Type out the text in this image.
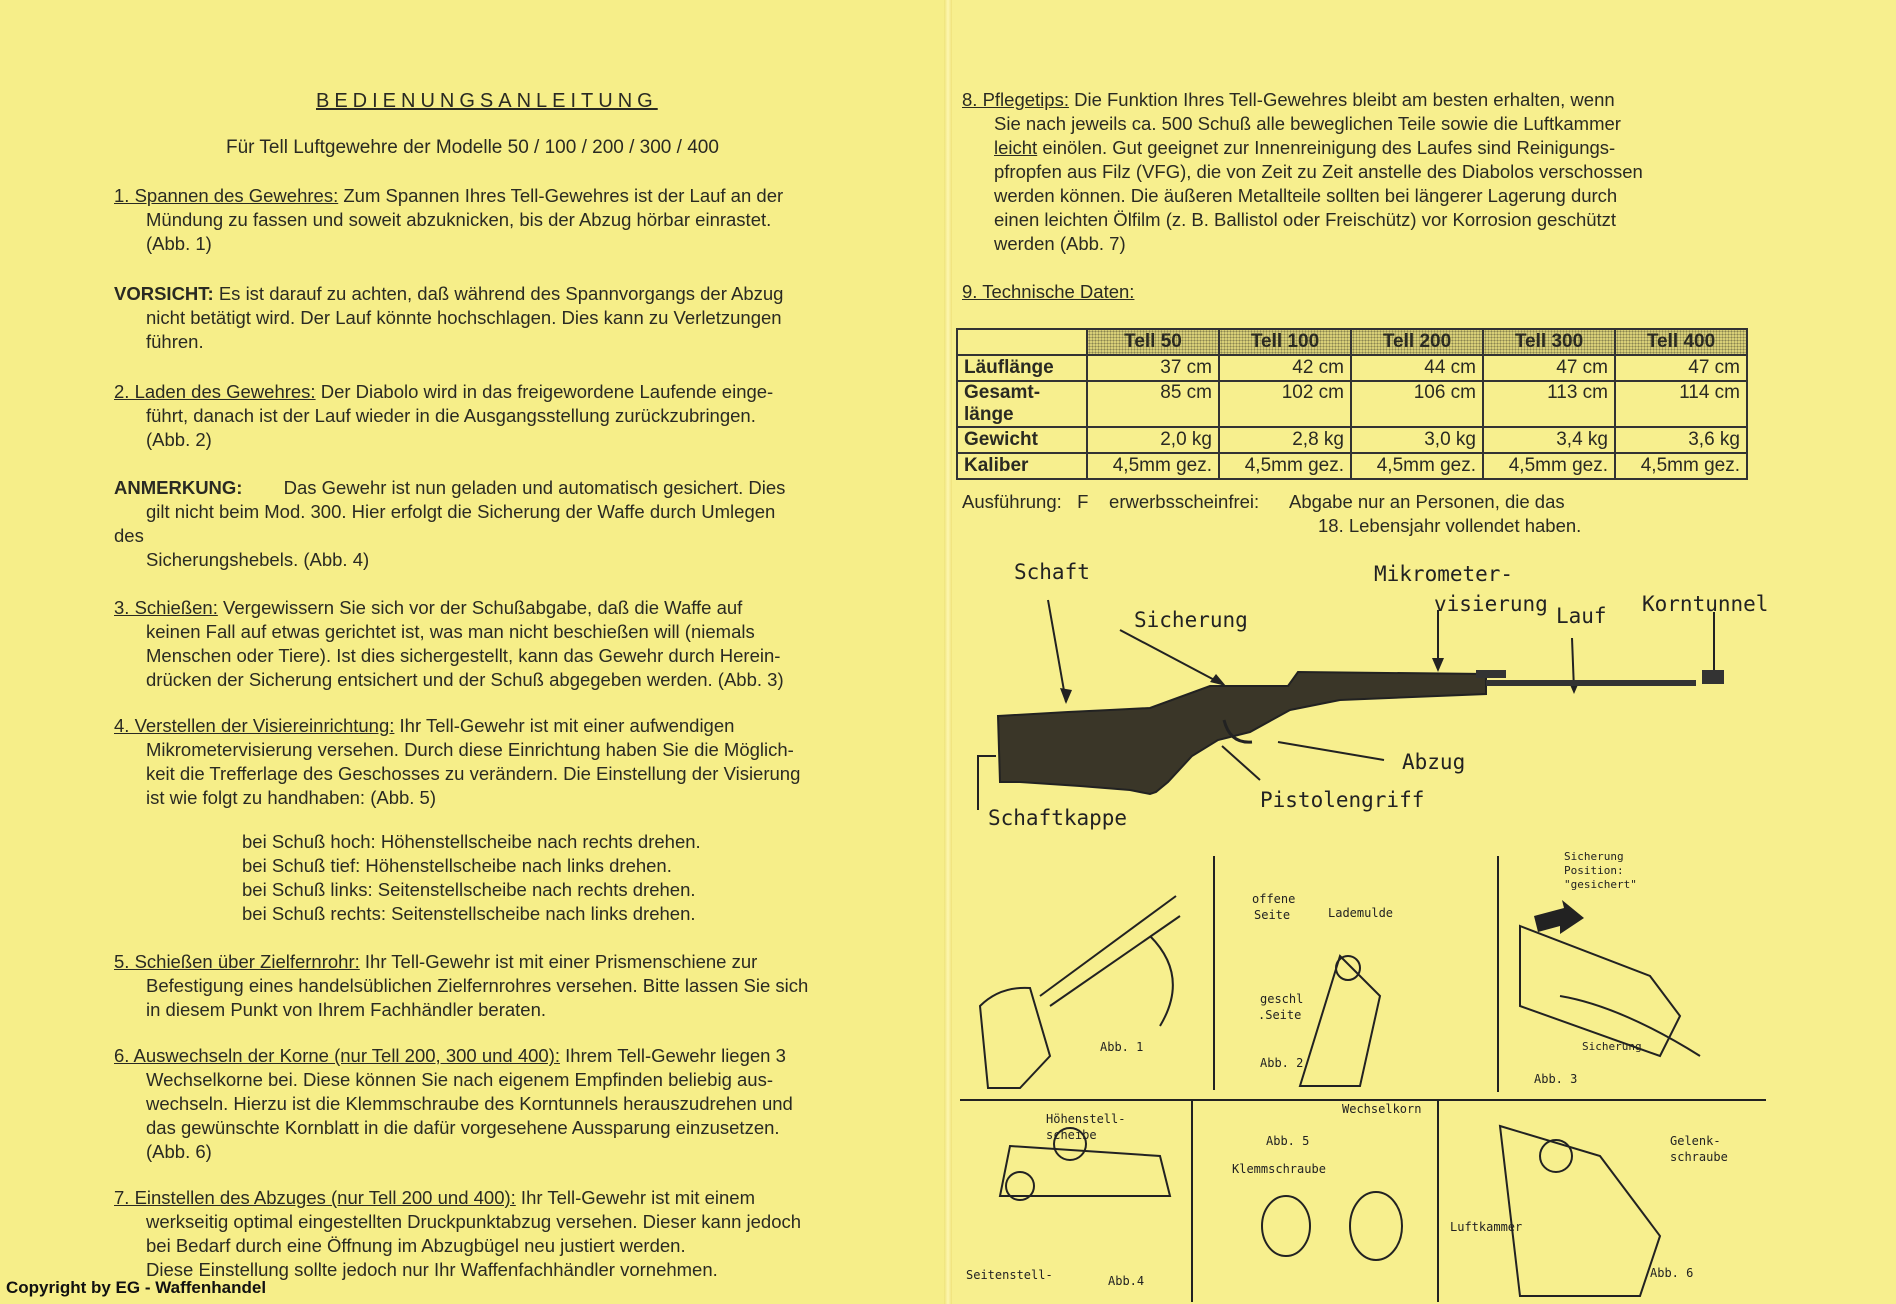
BEDIENUNGSANLEITUNG
Für Tell Luftgewehre der Modelle 50 / 100 / 200 / 300 / 400

1. Spannen des Gewehres: Zum Spannen Ihres Tell-Gewehres ist der Lauf an der

Mündung zu fassen und soweit abzuknicken, bis der Abzug hörbar einrastet.

(Abb. 1)

VORSICHT: Es ist darauf zu achten, daß während des Spannvorgangs der Abzug

nicht betätigt wird. Der Lauf könnte hochschlagen. Dies kann zu Verletzungen

führen.

2. Laden des Gewehres: Der Diabolo wird in das freigewordene Laufende einge-

führt, danach ist der Lauf wieder in die Ausgangsstellung zurückzubringen.

(Abb. 2)

ANMERKUNG:        Das Gewehr ist nun geladen und automatisch gesichert. Dies

gilt nicht beim Mod. 300. Hier erfolgt die Sicherung der Waffe durch Umlegen

des

Sicherungshebels. (Abb. 4)

3. Schießen: Vergewissern Sie sich vor der Schußabgabe, daß die Waffe auf

keinen Fall auf etwas gerichtet ist, was man nicht beschießen will (niemals

Menschen oder Tiere). Ist dies sichergestellt, kann das Gewehr durch Herein-

drücken der Sicherung entsichert und der Schuß abgegeben werden. (Abb. 3)

4. Verstellen der Visiereinrichtung: Ihr Tell-Gewehr ist mit einer aufwendigen

Mikrometervisierung versehen. Durch diese Einrichtung haben Sie die Möglich-

keit die Trefferlage des Geschosses zu verändern. Die Einstellung der Visierung

ist wie folgt zu handhaben: (Abb. 5)

bei Schuß hoch: Höhenstellscheibe nach rechts drehen.

bei Schuß tief: Höhenstellscheibe nach links drehen.

bei Schuß links: Seitenstellscheibe nach rechts drehen.

bei Schuß rechts: Seitenstellscheibe nach links drehen.

5. Schießen über Zielfernrohr: Ihr Tell-Gewehr ist mit einer Prismenschiene zur

Befestigung eines handelsüblichen Zielfernrohres versehen. Bitte lassen Sie sich

in diesem Punkt von Ihrem Fachhändler beraten.

6. Auswechseln der Korne (nur Tell 200, 300 und 400): Ihrem Tell-Gewehr liegen 3

Wechselkorne bei. Diese können Sie nach eigenem Empfinden beliebig aus-

wechseln. Hierzu ist die Klemmschraube des Korntunnels herauszudrehen und

das gewünschte Kornblatt in die dafür vorgesehene Aussparung einzusetzen.

(Abb. 6)

7. Einstellen des Abzuges (nur Tell 200 und 400): Ihr Tell-Gewehr ist mit einem

werkseitig optimal eingestellten Druckpunktabzug versehen. Dieser kann jedoch

bei Bedarf durch eine Öffnung im Abzugbügel neu justiert werden.

Diese Einstellung sollte jedoch nur Ihr Waffenfachhändler vornehmen.

Copyright by EG - Waffenhandel

8. Pflegetips: Die Funktion Ihres Tell-Gewehres bleibt am besten erhalten, wenn

Sie nach jeweils ca. 500 Schuß alle beweglichen Teile sowie die Luftkammer

leicht einölen. Gut geeignet zur Innenreinigung des Laufes sind Reinigungs-

pfropfen aus Filz (VFG), die von Zeit zu Zeit anstelle des Diabolos verschossen

werden können. Die äußeren Metallteile sollten bei längerer Lagerung durch

einen leichten Ölfilm (z. B. Ballistol oder Freischütz) vor Korrosion geschützt

werden (Abb. 7)

9. Technische Daten:
	Tell 50	Tell 100	Tell 200	Tell 300	Tell 400
Läuflänge	37 cm	42 cm	44 cm	47 cm	47 cm
Gesamt-
länge	85 cm	102 cm	106 cm	113 cm	114 cm
Gewicht	2,0 kg	2,8 kg	3,0 kg	3,4 kg	3,6 kg
Kaliber	4,5mm gez.	4,5mm gez.	4,5mm gez.	4,5mm gez.	4,5mm gez.
Ausführung:   F    erwerbsscheinfrei:      Abgabe nur an Personen, die das
18. Lebensjahr vollendet haben.
Schaft
Sicherung
Mikrometer-
visierung Lauf Korntunnel
Abzug
Pistolengriff
Schaftkappe
Abb. 1
offene
Seite	Lademulde
geschl
.Seite
Abb. 2
Sicherung
Position:
"gesichert"
Sicherung
Abb. 3
Höhenstell-
scheibe
Seitenstell-	Abb.4
Wechselkorn
Abb. 5
Klemmschraube
Gelenk-
schraube
Luftkammer
Abb. 6
